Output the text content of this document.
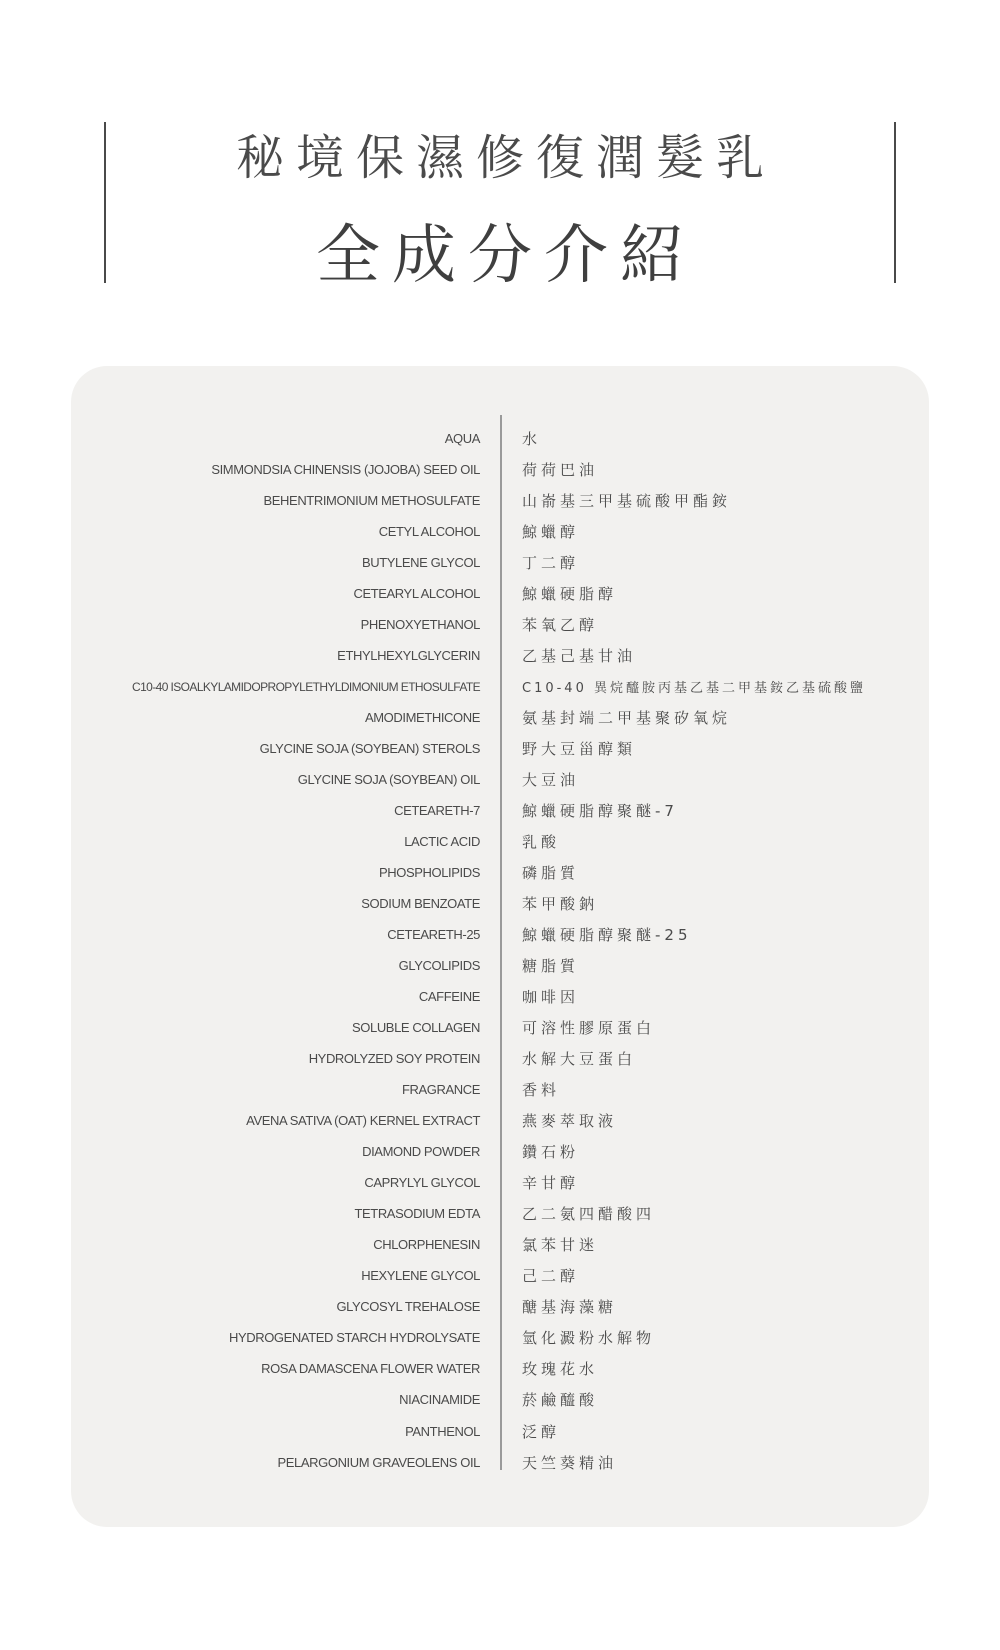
秘境保濕修復潤髮乳
全成分介紹
AQUA	水
SIMMONDSIA CHINENSIS (JOJOBA) SEED OIL	荷荷巴油
BEHENTRIMONIUM METHOSULFATE	山嵛基三甲基硫酸甲酯銨
CETYL ALCOHOL	鯨蠟醇
BUTYLENE GLYCOL	丁二醇
CETEARYL ALCOHOL	鯨蠟硬脂醇
PHENOXYETHANOL	苯氧乙醇
ETHYLHEXYLGLYCERIN	乙基己基甘油
C10-40 ISOALKYLAMIDOPROPYLETHYLDIMONIUM ETHOSULFATE	C10-40 異烷醯胺丙基乙基二甲基銨乙基硫酸鹽
AMODIMETHICONE	氨基封端二甲基聚矽氧烷
GLYCINE SOJA (SOYBEAN) STEROLS	野大豆甾醇類
GLYCINE SOJA (SOYBEAN) OIL	大豆油
CETEARETH-7	鯨蠟硬脂醇聚醚-7
LACTIC ACID	乳酸
PHOSPHOLIPIDS	磷脂質
SODIUM BENZOATE	苯甲酸鈉
CETEARETH-25	鯨蠟硬脂醇聚醚-25
GLYCOLIPIDS	糖脂質
CAFFEINE	咖啡因
SOLUBLE COLLAGEN	可溶性膠原蛋白
HYDROLYZED SOY PROTEIN	水解大豆蛋白
FRAGRANCE	香料
AVENA SATIVA (OAT) KERNEL EXTRACT	燕麥萃取液
DIAMOND POWDER	鑽石粉
CAPRYLYL GLYCOL	辛甘醇
TETRASODIUM EDTA	乙二氨四醋酸四
CHLORPHENESIN	氯苯甘迷
HEXYLENE GLYCOL	己二醇
GLYCOSYL TREHALOSE	醣基海藻糖
HYDROGENATED STARCH HYDROLYSATE	氫化澱粉水解物
ROSA DAMASCENA FLOWER WATER	玫瑰花水
NIACINAMIDE	菸鹼醯酸
PANTHENOL	泛醇
PELARGONIUM GRAVEOLENS OIL	天竺葵精油
